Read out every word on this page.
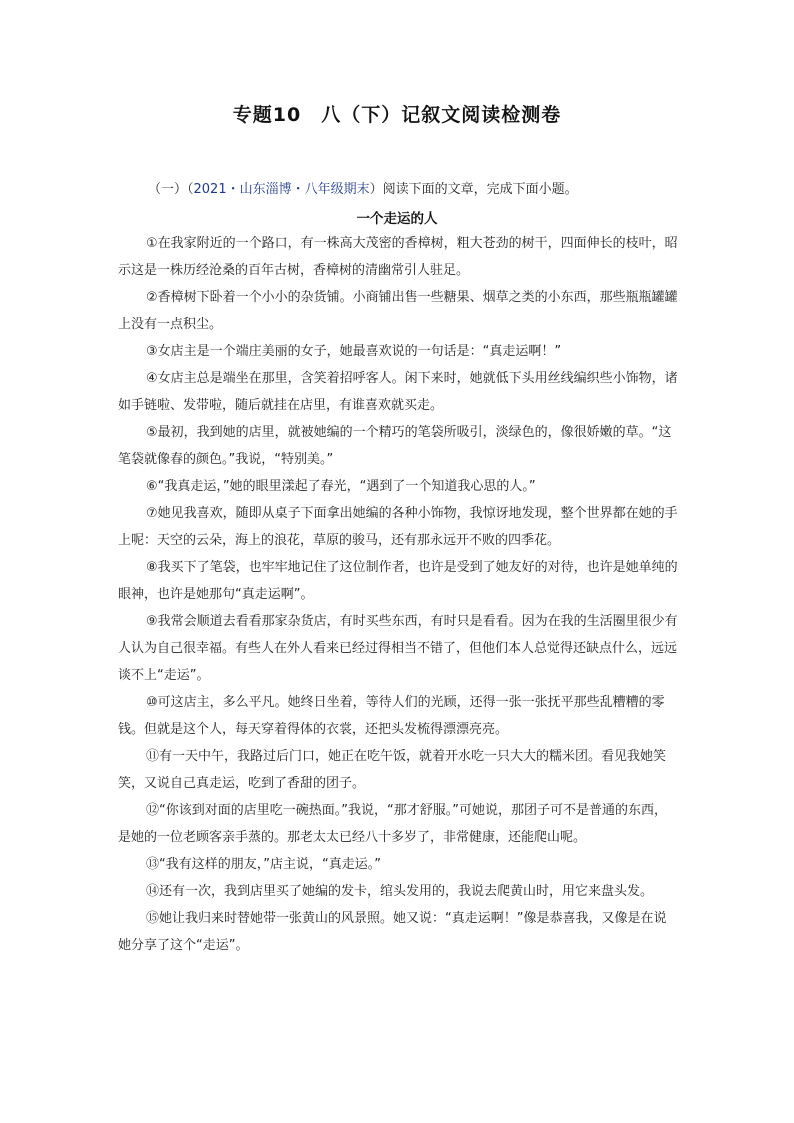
专题10　八（下）记叙文阅读检测卷
（一）（2021・山东淄博・八年级期末）阅读下面的文章，完成下面小题。
一个走运的人

①在我家附近的一个路口，有一株高大茂密的香樟树，粗大苍劲的树干，四面伸长的枝叶，昭示这是一株历经沧桑的百年古树，香樟树的清幽常引人驻足。

②香樟树下卧着一个小小的杂货铺。小商铺出售一些糖果、烟草之类的小东西，那些瓶瓶罐罐上没有一点积尘。

③女店主是一个端庄美丽的女子，她最喜欢说的一句话是：“真走运啊！”

④女店主总是端坐在那里，含笑着招呼客人。闲下来时，她就低下头用丝线编织些小饰物，诸如手链啦、发带啦，随后就挂在店里，有谁喜欢就买走。

⑤最初，我到她的店里，就被她编的一个精巧的笔袋所吸引，淡绿色的，像很娇嫩的草。“这笔袋就像春的颜色。”我说，“特别美。”

⑥“我真走运，”她的眼里漾起了春光，“遇到了一个知道我心思的人。”

⑦她见我喜欢，随即从桌子下面拿出她编的各种小饰物，我惊讶地发现，整个世界都在她的手上呢：天空的云朵，海上的浪花，草原的骏马，还有那永远开不败的四季花。

⑧我买下了笔袋，也牢牢地记住了这位制作者，也许是受到了她友好的对待，也许是她单纯的眼神，也许是她那句“真走运啊”。

⑨我常会顺道去看看那家杂货店，有时买些东西，有时只是看看。因为在我的生活圈里很少有人认为自己很幸福。有些人在外人看来已经过得相当不错了，但他们本人总觉得还缺点什么，远远谈不上“走运”。

⑩可这店主，多么平凡。她终日坐着，等待人们的光顾，还得一张一张抚平那些乱糟糟的零钱。但就是这个人，每天穿着得体的衣裳，还把头发梳得漂漂亮亮。

⑪有一天中午，我路过后门口，她正在吃午饭，就着开水吃一只大大的糯米团。看见我她笑笑，又说自己真走运，吃到了香甜的团子。

⑫“你该到对面的店里吃一碗热面。”我说，“那才舒服。”可她说，那团子可不是普通的东西，是她的一位老顾客亲手蒸的。那老太太已经八十多岁了，非常健康，还能爬山呢。

⑬“我有这样的朋友，”店主说，“真走运。”

⑭还有一次，我到店里买了她编的发卡，绾头发用的，我说去爬黄山时，用它来盘头发。

⑮她让我归来时替她带一张黄山的风景照。她又说：“真走运啊！”像是恭喜我，又像是在说她分享了这个“走运”。
